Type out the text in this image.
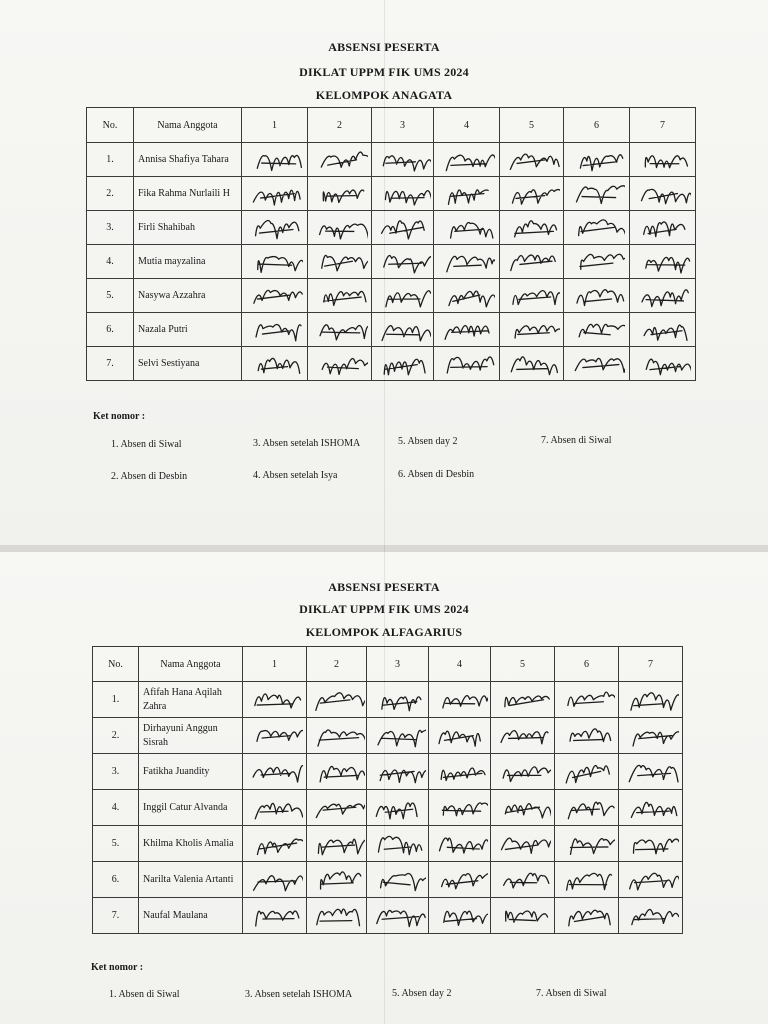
ABSENSI PESERTA
DIKLAT UPPM FIK UMS 2024
KELOMPOK ANAGATA
No.	Nama Anggota	1	2	3	4	5	6	7
1.	Annisa Shafiya Tahara	

2.	Fika Rahma Nurlaili H	

3.	Firli Shahibah	

4.	Mutia mayzalina	

5.	Nasywa Azzahra	

6.	Nazala Putri	

7.	Selvi Sestiyana	

Ket nomor :
1. Absen di Siwal
2. Absen di Desbin
3. Absen setelah ISHOMA
4. Absen setelah Isya
5. Absen day 2
6. Absen di Desbin
7. Absen di Siwal
ABSENSI PESERTA
DIKLAT UPPM FIK UMS 2024
KELOMPOK ALFAGARIUS
No.	Nama Anggota	1	2	3	4	5	6	7
1.	Afifah Hana Aqilah Zahra	

2.	Dirhayuni Anggun Sisrah	

3.	Fatikha Juandity	

4.	Inggil Catur Alvanda	

5.	Khilma Kholis Amalia	

6.	Narilta Valenia Artanti	

7.	Naufal Maulana	

Ket nomor :
1. Absen di Siwal	3. Absen setelah ISHOMA	5. Absen day 2	7. Absen di Siwal
